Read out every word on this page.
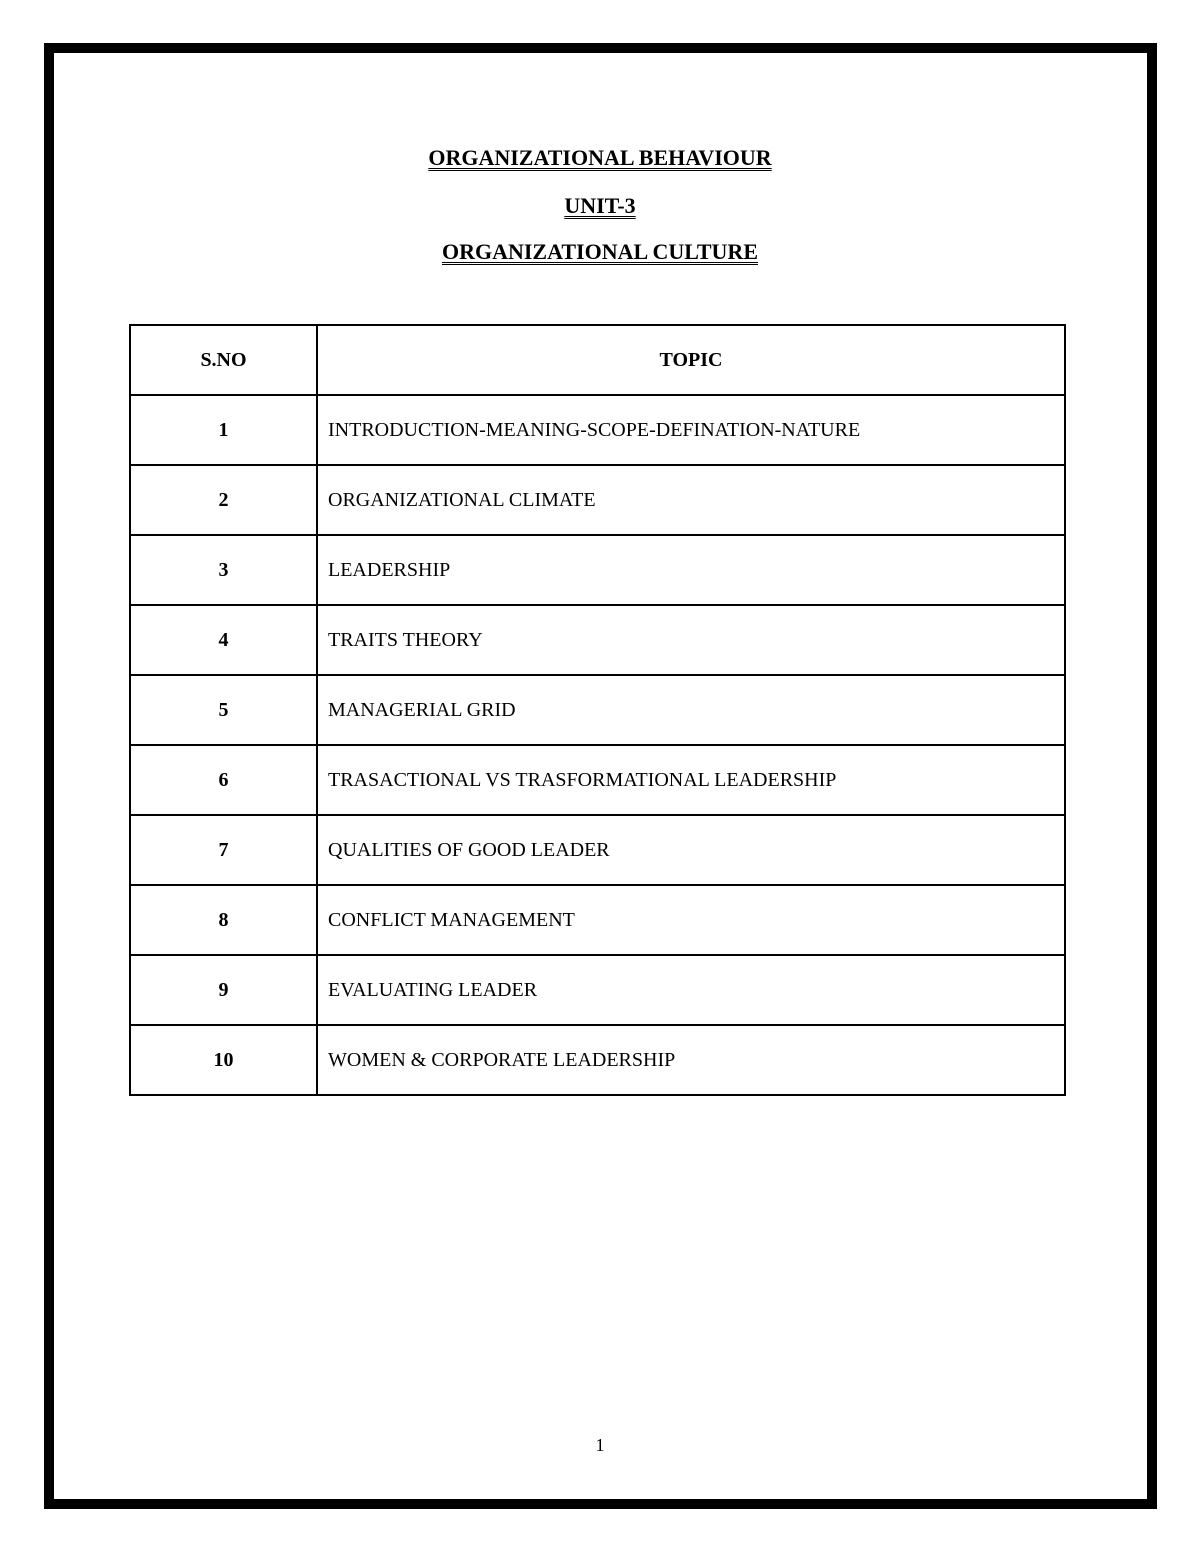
ORGANIZATIONAL BEHAVIOUR
UNIT-3
ORGANIZATIONAL CULTURE
S.NO	TOPIC
1	INTRODUCTION-MEANING-SCOPE-DEFINATION-NATURE
2	ORGANIZATIONAL CLIMATE
3	LEADERSHIP
4	TRAITS THEORY
5	MANAGERIAL GRID
6	TRASACTIONAL VS TRASFORMATIONAL LEADERSHIP
7	QUALITIES OF GOOD LEADER
8	CONFLICT MANAGEMENT
9	EVALUATING LEADER
10	WOMEN & CORPORATE LEADERSHIP
1
